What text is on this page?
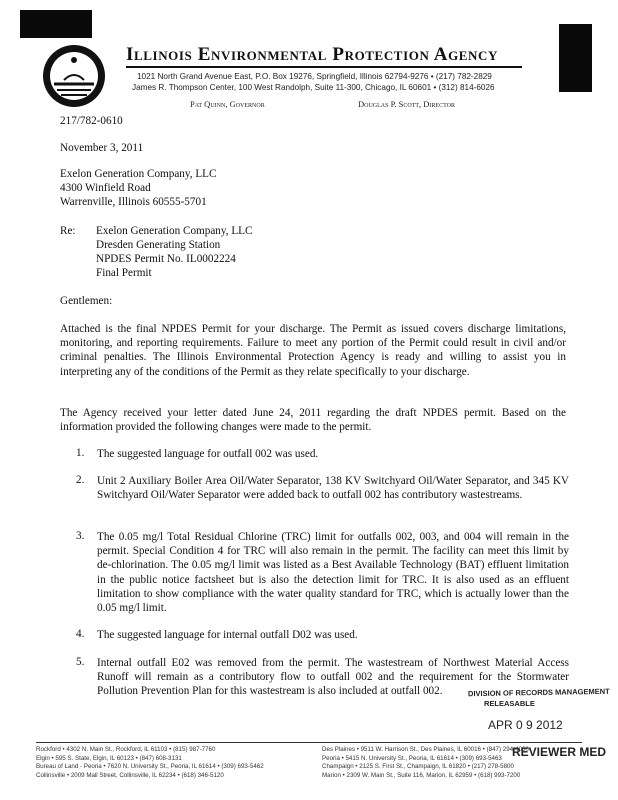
Illinois Environmental Protection Agency
1021 North Grand Avenue East, P.O. Box 19276, Springfield, Illinois 62794-9276 • (217) 782-2829
James R. Thompson Center, 100 West Randolph, Suite 11-300, Chicago, IL 60601 • (312) 814-6026
Pat Quinn, Governor	Douglas P. Scott, Director
217/782-0610
November 3, 2011
Exelon Generation Company, LLC
4300 Winfield Road
Warrenville, Illinois 60555-5701
Re: Exelon Generation Company, LLC
Dresden Generating Station
NPDES Permit No. IL0002224
Final Permit
Gentlemen:
Attached is the final NPDES Permit for your discharge. The Permit as issued covers discharge limitations, monitoring, and reporting requirements. Failure to meet any portion of the Permit could result in civil and/or criminal penalties. The Illinois Environmental Protection Agency is ready and willing to assist you in interpreting any of the conditions of the Permit as they relate specifically to your discharge.
The Agency received your letter dated June 24, 2011 regarding the draft NPDES permit. Based on the information provided the following changes were made to the permit.
1. The suggested language for outfall 002 was used.
2. Unit 2 Auxiliary Boiler Area Oil/Water Separator, 138 KV Switchyard Oil/Water Separator, and 345 KV Switchyard Oil/Water Separator were added back to outfall 002 has contributory wastestreams.
3. The 0.05 mg/l Total Residual Chlorine (TRC) limit for outfalls 002, 003, and 004 will remain in the permit. Special Condition 4 for TRC will also remain in the permit. The facility can meet this limit by de-chlorination. The 0.05 mg/l limit was listed as a Best Available Technology (BAT) effluent limitation in the public notice factsheet but is also the detection limit for TRC. It is also used as an effluent limitation to show compliance with the water quality standard for TRC, which is actually lower than the 0.05 mg/l limit.
4. The suggested language for internal outfall D02 was used.
5. Internal outfall E02 was removed from the permit. The wastestream of Northwest Material Access Runoff will remain as a contributory flow to outfall 002 and the requirement for the Stormwater Pollution Prevention Plan for this wastestream is also included at outfall 002.	DIVISION OF RECORDS MANAGEMENT
RELEASABLE
APR 0 9 2012
REVIEWER MED
Rockford • 4302 N. Main St., Rockford, IL 61103 • (815) 987-7760
Elgin • 595 S. State, Elgin, IL 60123 • (847) 608-3131
Bureau of Land - Peoria • 7620 N. University St., Peoria, IL 61614 • (309) 693-5462
Collinsville • 2009 Mall Street, Collinsville, IL 62234 • (618) 346-5120
Des Plaines • 9511 W. Harrison St., Des Plaines, IL 60016 • (847) 294-4000
Peoria • 5415 N. University St., Peoria, IL 61614 • (309) 693-5463
Champaign • 2125 S. First St., Champaign, IL 61820 • (217) 278-5800
Marion • 2309 W. Main St., Suite 116, Marion, IL 62959 • (618) 993-7200
